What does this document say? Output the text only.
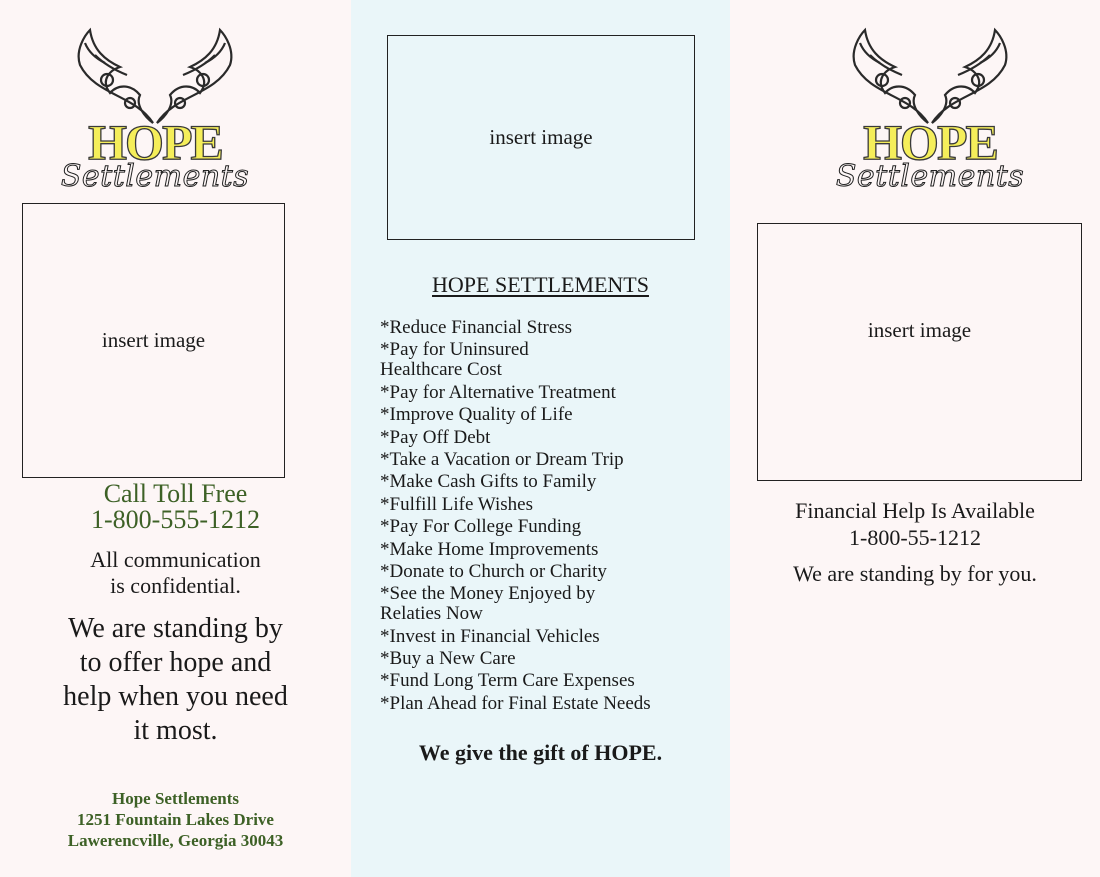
HOPE
Settlements
insert image
Call Toll Free
1-800-555-1212
All communication
is confidential.
We are standing by
to offer hope and
help when you need
it most.
Hope Settlements
1251 Fountain Lakes Drive
Lawerencville, Georgia 30043
insert image
HOPE SETTLEMENTS
*Reduce Financial Stress
*Pay for Uninsured
Healthcare Cost
*Pay for Alternative Treatment
*Improve Quality of Life
*Pay Off Debt
*Take a Vacation or Dream Trip
*Make Cash Gifts to Family
*Fulfill Life Wishes
*Pay For College Funding
*Make Home Improvements
*Donate to Church or Charity
*See the Money Enjoyed by
Relaties Now
*Invest in Financial Vehicles
*Buy a New Care
*Fund Long Term Care Expenses
*Plan Ahead for Final Estate Needs
We give the gift of HOPE.
HOPE
Settlements
insert image
Financial Help Is Available
1-800-55-1212
We are standing by for you.
